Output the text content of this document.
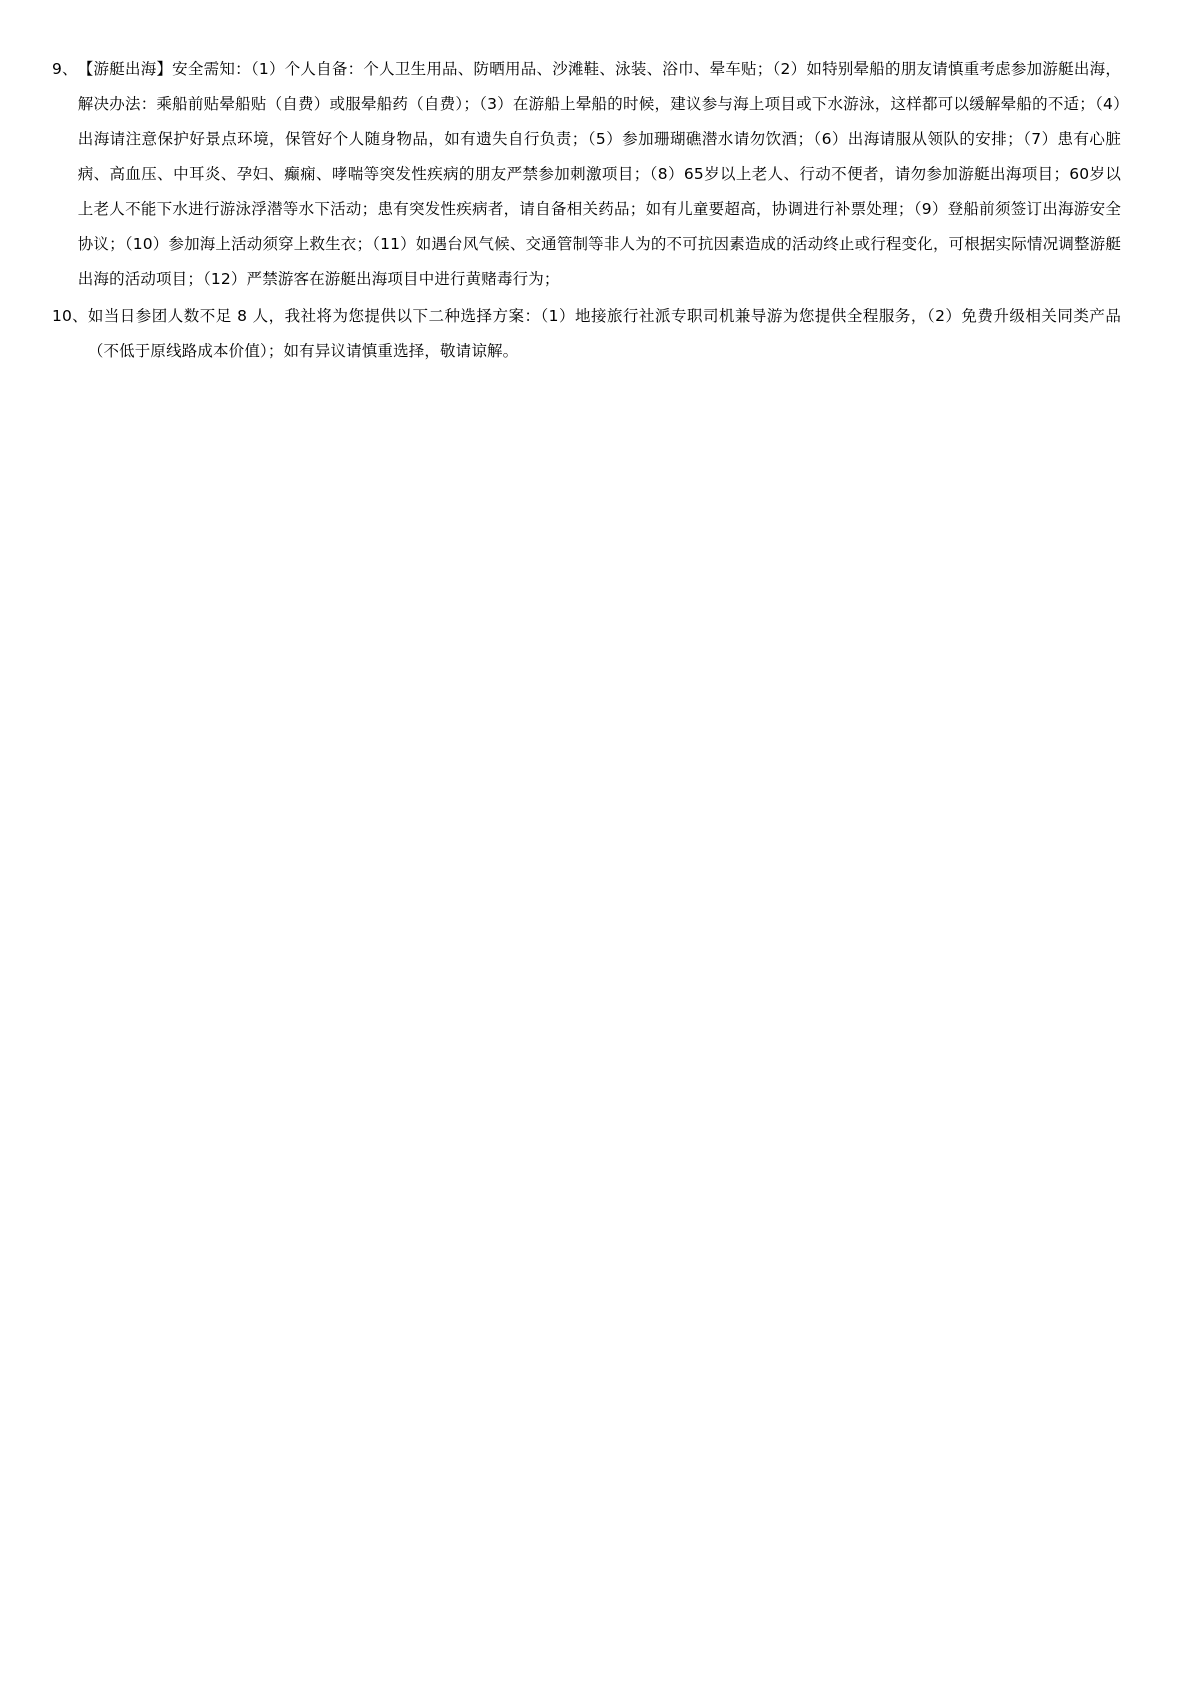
9、 【游艇出海】安全需知：（1）个人自备：个人卫生用品、防晒用品、沙滩鞋、泳装、浴巾、晕车贴；（2）如特别晕船的朋友请慎重考虑参加游艇出海，解决办法：乘船前贴晕船贴（自费）或服晕船药（自费）；（3）在游船上晕船的时候，建议参与海上项目或下水游泳，这样都可以缓解晕船的不适；（4）出海请注意保护好景点环境，保管好个人随身物品，如有遗失自行负责；（5）参加珊瑚礁潜水请勿饮酒；（6）出海请服从领队的安排；（7）患有心脏病、高血压、中耳炎、孕妇、癫痫、哮喘等突发性疾病的朋友严禁参加刺激项目；（8）65岁以上老人、行动不便者，请勿参加游艇出海项目；60岁以上老人不能下水进行游泳浮潜等水下活动；患有突发性疾病者，请自备相关药品；如有儿童要超高，协调进行补票处理；（9）登船前须签订出海游安全协议；（10）参加海上活动须穿上救生衣；（11）如遇台风气候、交通管制等非人为的不可抗因素造成的活动终止或行程变化，可根据实际情况调整游艇出海的活动项目；（12）严禁游客在游艇出海项目中进行黄赌毒行为；
10、 如当日参团人数不足 8 人，我社将为您提供以下二种选择方案：（1）地接旅行社派专职司机兼导游为您提供全程服务，（2）免费升级相关同类产品（不低于原线路成本价值）；如有异议请慎重选择，敬请谅解。
